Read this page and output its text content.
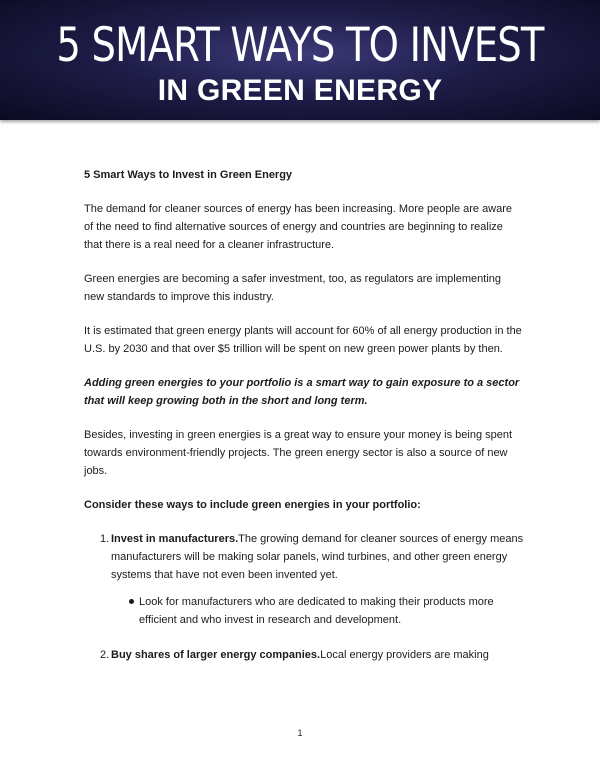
5 SMART WAYS TO INVEST
IN GREEN ENERGY

5 Smart Ways to Invest in Green Energy

The demand for cleaner sources of energy has been increasing. More people are aware of the need to find alternative sources of energy and countries are beginning to realize that there is a real need for a cleaner infrastructure.

Green energies are becoming a safer investment, too, as regulators are implementing new standards to improve this industry.

It is estimated that green energy plants will account for 60% of all energy production in the U.S. by 2030 and that over $5 trillion will be spent on new green power plants by then.

Adding green energies to your portfolio is a smart way to gain exposure to a sector that will keep growing both in the short and long term.

Besides, investing in green energies is a great way to ensure your money is being spent towards environment-friendly projects. The green energy sector is also a source of new jobs.

Consider these ways to include green energies in your portfolio:

1. Invest in manufacturers.The growing demand for cleaner sources of energy means manufacturers will be making solar panels, wind turbines, and other green energy systems that have not even been invented yet.
Look for manufacturers who are dedicated to making their products more efficient and who invest in research and development.
2. Buy shares of larger energy companies.Local energy providers are making
1
